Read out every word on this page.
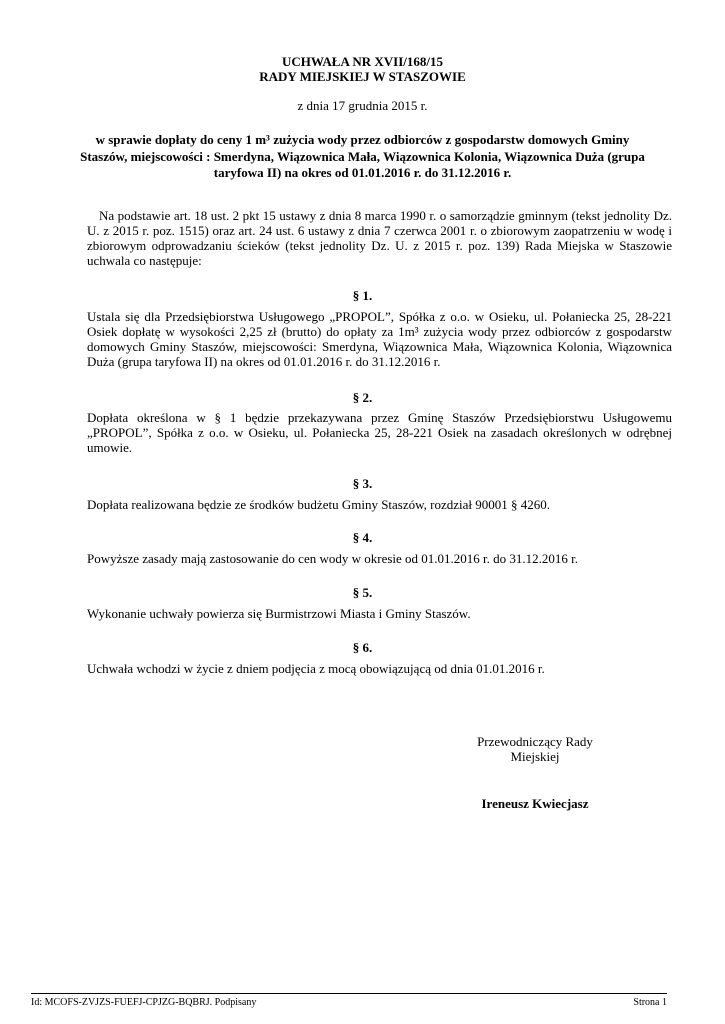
UCHWAŁA NR XVII/168/15
RADY MIEJSKIEJ W STASZOWIE
z dnia 17 grudnia 2015 r.
w sprawie dopłaty do ceny 1 m³ zużycia wody przez odbiorców z gospodarstw domowych Gminy
Staszów, miejscowości : Smerdyna, Wiązownica Mała, Wiązownica Kolonia, Wiązownica Duża (grupa
taryfowa II) na okres od 01.01.2016 r. do 31.12.2016 r.

Na podstawie art. 18 ust. 2 pkt 15 ustawy z dnia 8 marca 1990 r. o samorządzie gminnym (tekst jednolity Dz. U. z 2015 r. poz. 1515) oraz art. 24 ust. 6 ustawy z dnia 7 czerwca 2001 r. o zbiorowym zaopatrzeniu w wodę i zbiorowym odprowadzaniu ścieków (tekst jednolity Dz. U. z 2015 r. poz. 139) Rada Miejska w Staszowie uchwala co następuje:

§ 1.

Ustala się dla Przedsiębiorstwa Usługowego „PROPOL”, Spółka z o.o. w Osieku, ul. Połaniecka 25, 28-221 Osiek dopłatę w wysokości 2,25 zł (brutto) do opłaty za 1m³ zużycia wody przez odbiorców z gospodarstw domowych Gminy Staszów, miejscowości: Smerdyna, Wiązownica Mała, Wiązownica Kolonia, Wiązownica Duża (grupa taryfowa II) na okres od 01.01.2016 r. do 31.12.2016 r.

§ 2.

Dopłata określona w § 1 będzie przekazywana przez Gminę Staszów Przedsiębiorstwu Usługowemu „PROPOL”, Spółka z o.o. w Osieku, ul. Połaniecka 25, 28-221 Osiek na zasadach określonych w odrębnej umowie.

§ 3.

Dopłata realizowana będzie ze środków budżetu Gminy Staszów, rozdział 90001 § 4260.

§ 4.

Powyższe zasady mają zastosowanie do cen wody w okresie od 01.01.2016 r. do 31.12.2016 r.

§ 5.

Wykonanie uchwały powierza się Burmistrzowi Miasta i Gminy Staszów.

§ 6.

Uchwała wchodzi w życie z dniem podjęcia z mocą obowiązującą od dnia 01.01.2016 r.

Przewodniczący Rady
Miejskiej
Ireneusz Kwiecjasz
Id: MCOFS-ZVJZS-FUEFJ-CPJZG-BQBRJ. Podpisany	Strona 1
